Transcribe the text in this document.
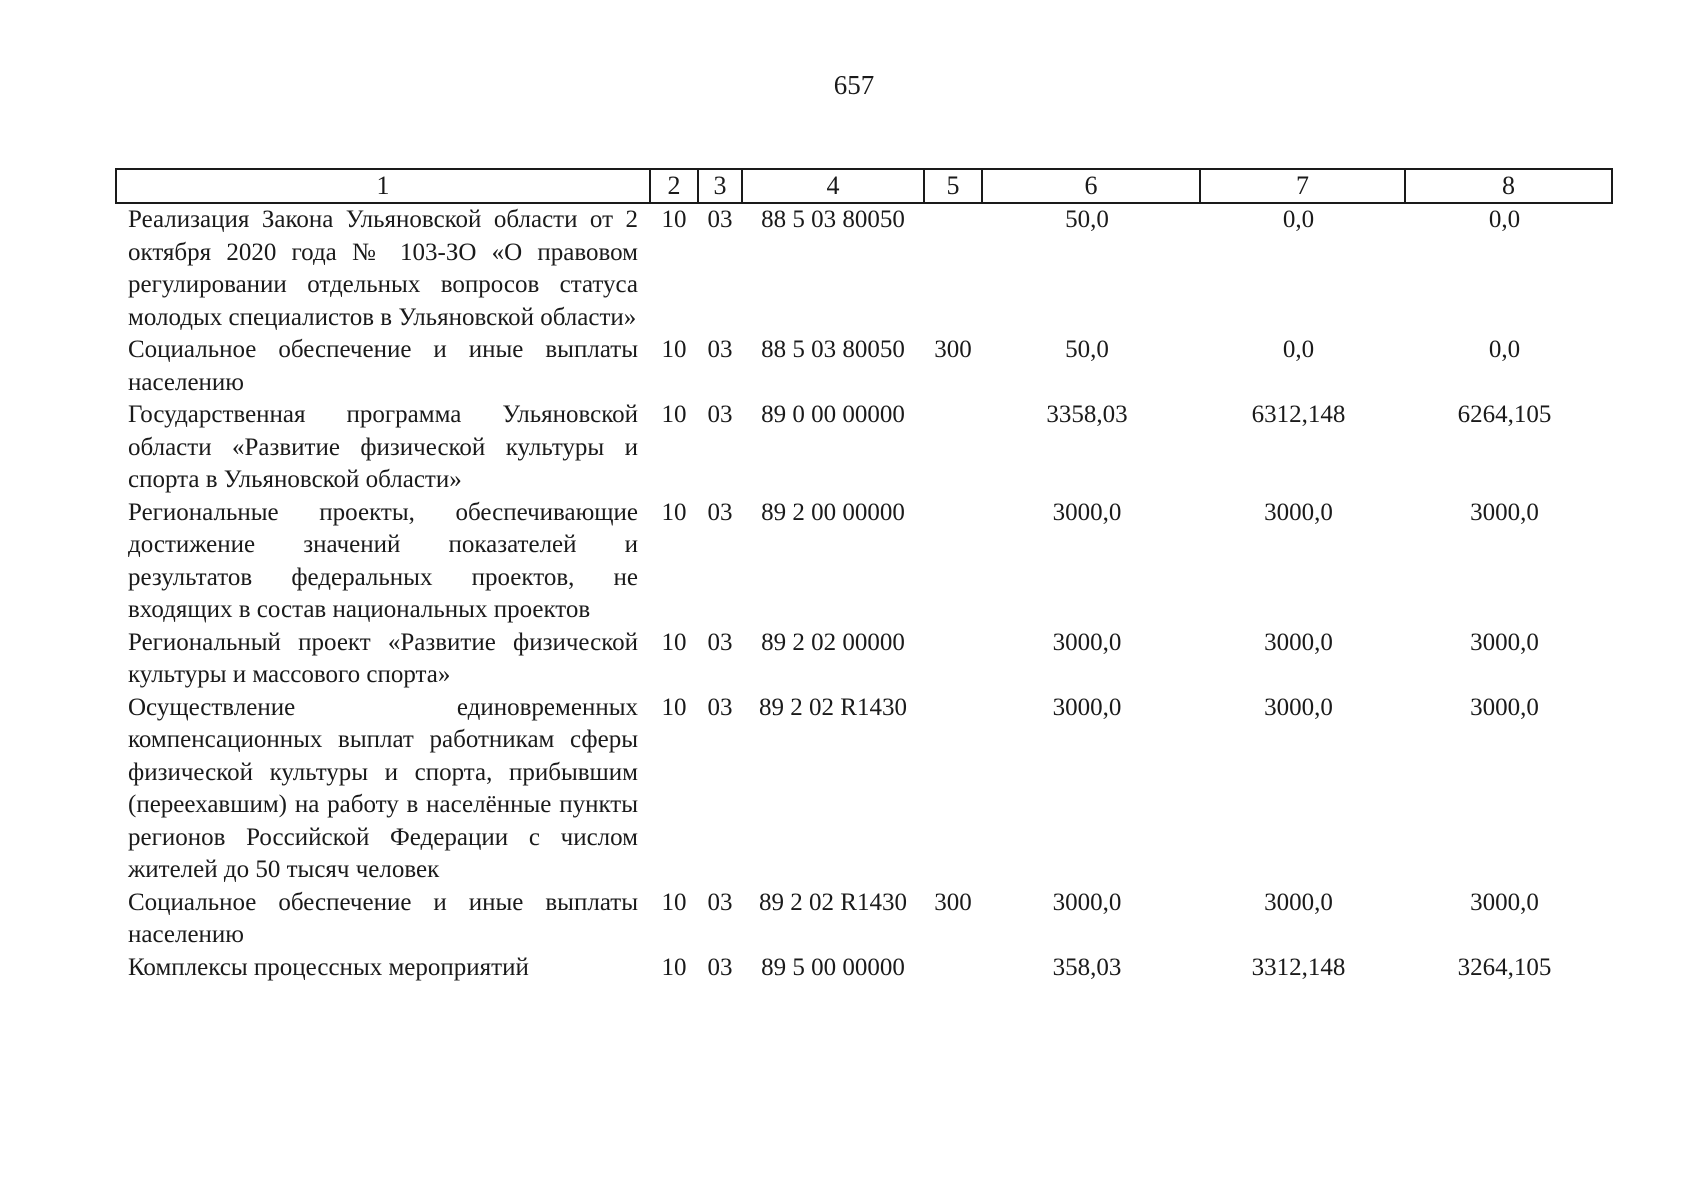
657
1	2	3	4	5	6	7	8
Реализация Закона Ульяновской области от 2 октября 2020 года № 103-ЗО «О правовом регулировании отдельных вопросов статуса молодых специалистов в Ульяновской области»	10	03	88 5 03 80050		50,0	0,0	0,0
Социальное обеспечение и иные выплаты населению	10	03	88 5 03 80050	300	50,0	0,0	0,0
Государственная программа Ульяновской области «Развитие физической культуры и спорта в Ульяновской области»	10	03	89 0 00 00000		3358,03	6312,148	6264,105
Региональные проекты, обеспечивающие достижение значений показателей и результатов федеральных проектов, не входящих в состав национальных проектов	10	03	89 2 00 00000		3000,0	3000,0	3000,0
Региональный проект «Развитие физической культуры и массового спорта»	10	03	89 2 02 00000		3000,0	3000,0	3000,0
Осуществление единовременных компенсационных выплат работникам сферы физической культуры и спорта, прибывшим (переехавшим) на работу в населённые пункты регионов Российской Федерации с числом жителей до 50 тысяч человек	10	03	89 2 02 R1430		3000,0	3000,0	3000,0
Социальное обеспечение и иные выплаты населению	10	03	89 2 02 R1430	300	3000,0	3000,0	3000,0
Комплексы процессных мероприятий	10	03	89 5 00 00000		358,03	3312,148	3264,105
